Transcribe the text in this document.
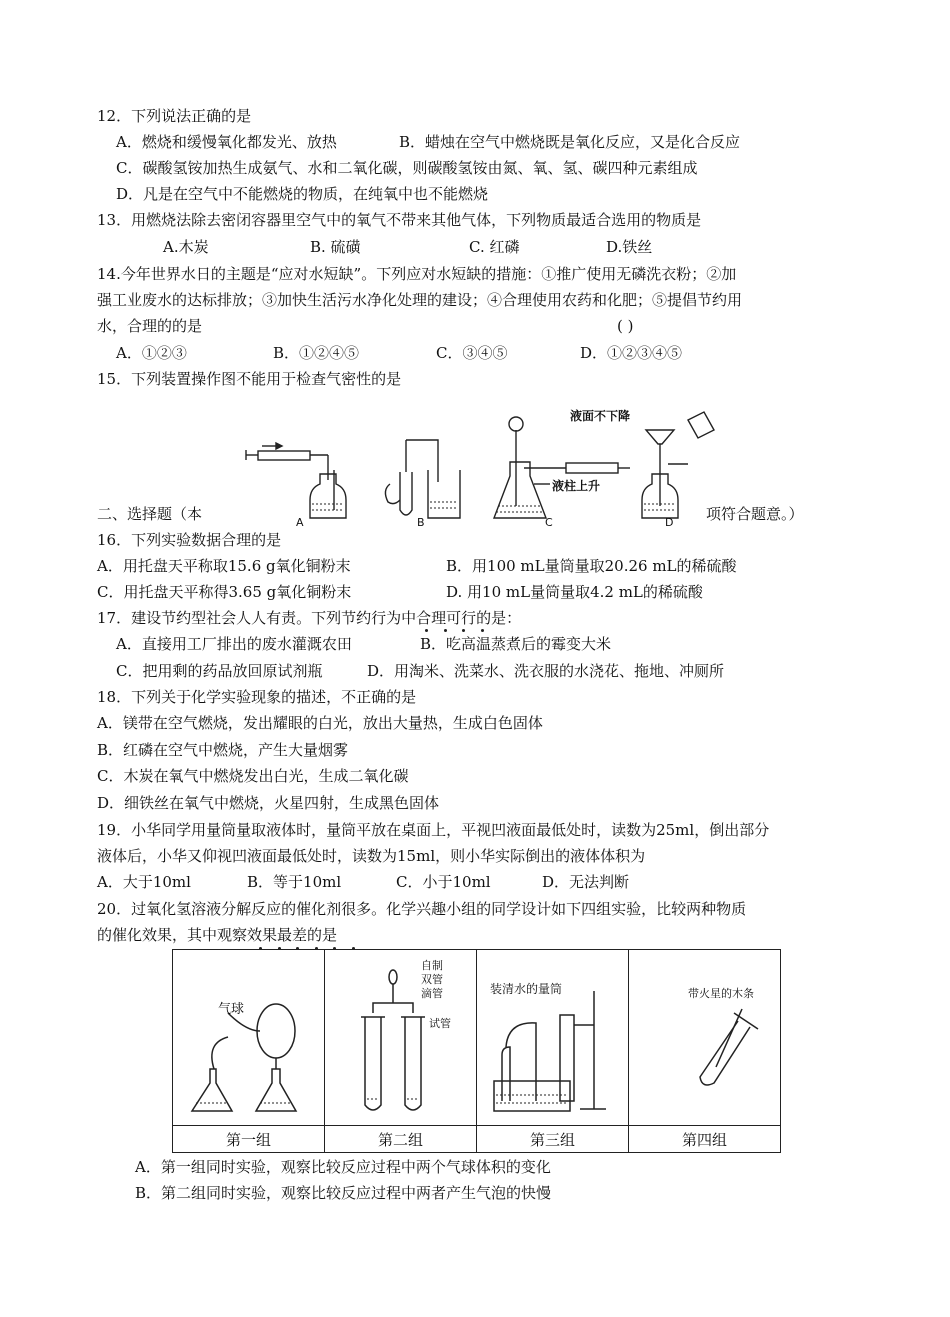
12．下列说法正确的是
A．燃烧和缓慢氧化都发光、放热	B．蜡烛在空气中燃烧既是氧化反应，又是化合反应
C．碳酸氢铵加热生成氨气、水和二氧化碳，则碳酸氢铵由氮、氧、氢、碳四种元素组成
D．凡是在空气中不能燃烧的物质，在纯氧中也不能燃烧
13．用燃烧法除去密闭容器里空气中的氧气不带来其他气体，下列物质最适合选用的物质是
A.木炭	B. 硫磺	C. 红磷	D.铁丝
14.今年世界水日的主题是“应对水短缺”。下列应对水短缺的措施：①推广使用无磷洗衣粉；②加
强工业废水的达标排放；③加快生活污水净化处理的建设；④合理使用农药和化肥；⑤提倡节约用
水，合理的的是	( )
A．①②③	B．①②④⑤	C．③④⑤	D．①②③④⑤
15．下列装置操作图不能用于检查气密性的是
液面不下降
液柱上升
A	B	C	D
二、选择题（本	项符合题意。）
16．下列实验数据合理的是
A．用托盘天平称取15.6 g氧化铜粉末	B．用100 mL量筒量取20.26 mL的稀硫酸
C．用托盘天平称得3.65 g氧化铜粉末	D. 用10 mL量筒量取4.2 mL的稀硫酸
17．建设节约型社会人人有责。下列节约行为中合理可行的是：
A．直接用工厂排出的废水灌溉农田	B．吃高温蒸煮后的霉变大米
C．把用剩的药品放回原试剂瓶	D．用淘米、洗菜水、洗衣服的水浇花、拖地、冲厕所
18．下列关于化学实验现象的描述，不正确的是
A．镁带在空气燃烧，发出耀眼的白光，放出大量热，生成白色固体
B．红磷在空气中燃烧，产生大量烟雾
C．木炭在氧气中燃烧发出白光，生成二氧化碳
D．细铁丝在氧气中燃烧，火星四射，生成黑色固体
19．小华同学用量筒量取液体时，量筒平放在桌面上，平视凹液面最低处时，读数为25ml，倒出部分
液体后，小华又仰视凹液面最低处时，读数为15ml，则小华实际倒出的液体体积为
A．大于10ml	B．等于10ml	C．小于10ml	D．无法判断
20．过氧化氢溶液分解反应的催化剂很多。化学兴趣小组的同学设计如下四组实验，比较两种物质
的催化效果，其中观察效果最差的是
气球	自制
双管
滴管
试管	装清水的量筒	带火星的木条

第一组	第二组	第三组	第四组
A．第一组同时实验，观察比较反应过程中两个气球体积的变化
B．第二组同时实验，观察比较反应过程中两者产生气泡的快慢
